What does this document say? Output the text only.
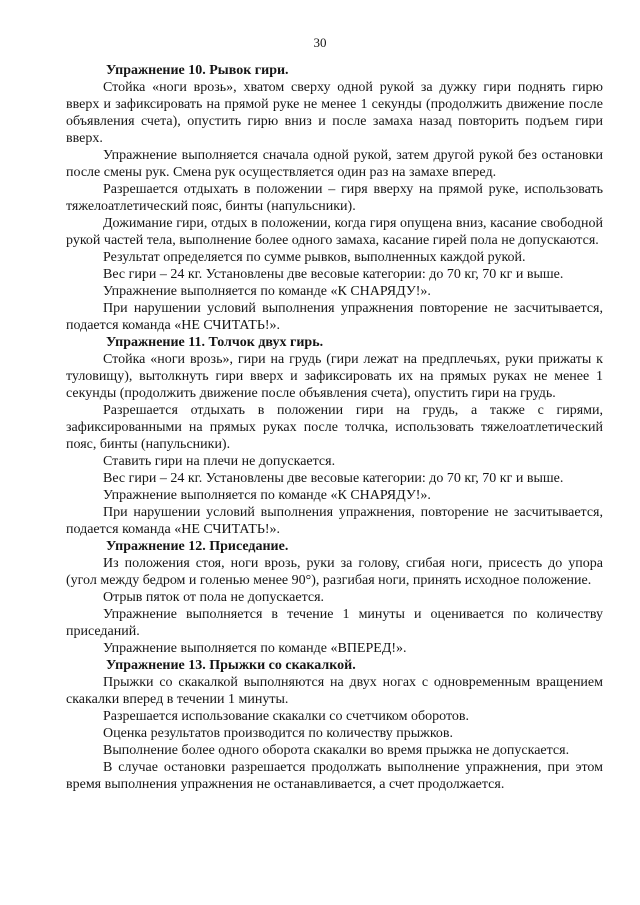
30
Упражнение 10. Рывок гири.

Стойка «ноги врозь», хватом сверху одной рукой за дужку гири поднять гирю вверх и зафиксировать на прямой руке не менее 1 секунды (продолжить движение после объявления счета), опустить гирю вниз и после замаха назад повторить подъем гири вверх.

Упражнение выполняется сначала одной рукой, затем другой рукой без остановки после смены рук. Смена рук осуществляется один раз на замахе вперед.

Разрешается отдыхать в положении – гиря вверху на прямой руке, использовать тяжелоатлетический пояс, бинты (напульсники).

Дожимание гири, отдых в положении, когда гиря опущена вниз, касание свободной рукой частей тела, выполнение более одного замаха, касание гирей пола не допускаются.

Результат определяется по сумме рывков, выполненных каждой рукой.

Вес гири – 24 кг. Установлены две весовые категории: до 70 кг, 70 кг и выше.

Упражнение выполняется по команде «К СНАРЯДУ!».

При нарушении условий выполнения упражнения повторение не засчитывается, подается команда «НЕ СЧИТАТЬ!».

Упражнение 11. Толчок двух гирь.

Стойка «ноги врозь», гири на грудь (гири лежат на предплечьях, руки прижаты к туловищу), вытолкнуть гири вверх и зафиксировать их на прямых руках не менее 1 секунды (продолжить движение после объявления счета), опустить гири на грудь.

Разрешается отдыхать в положении гири на грудь, а также с гирями, зафиксированными на прямых руках после толчка, использовать тяжелоатлетический пояс, бинты (напульсники).

Ставить гири на плечи не допускается.

Вес гири – 24 кг. Установлены две весовые категории: до 70 кг, 70 кг и выше.

Упражнение выполняется по команде «К СНАРЯДУ!».

При нарушении условий выполнения упражнения, повторение не засчитывается, подается команда «НЕ СЧИТАТЬ!».

Упражнение 12. Приседание.

Из положения стоя, ноги врозь, руки за голову, сгибая ноги, присесть до упора (угол между бедром и голенью менее 90°), разгибая ноги, принять исходное положение.

Отрыв пяток от пола не допускается.

Упражнение выполняется в течение 1 минуты и оценивается по количеству приседаний.

Упражнение выполняется по команде «ВПЕРЕД!».

Упражнение 13. Прыжки со скакалкой.

Прыжки со скакалкой выполняются на двух ногах с одновременным вращением скакалки вперед в течении 1 минуты.

Разрешается использование скакалки со счетчиком оборотов.

Оценка результатов производится по количеству прыжков.

Выполнение более одного оборота скакалки во время прыжка не допускается.

В случае остановки разрешается продолжать выполнение упражнения, при этом время выполнения упражнения не останавливается, а счет продолжается.
